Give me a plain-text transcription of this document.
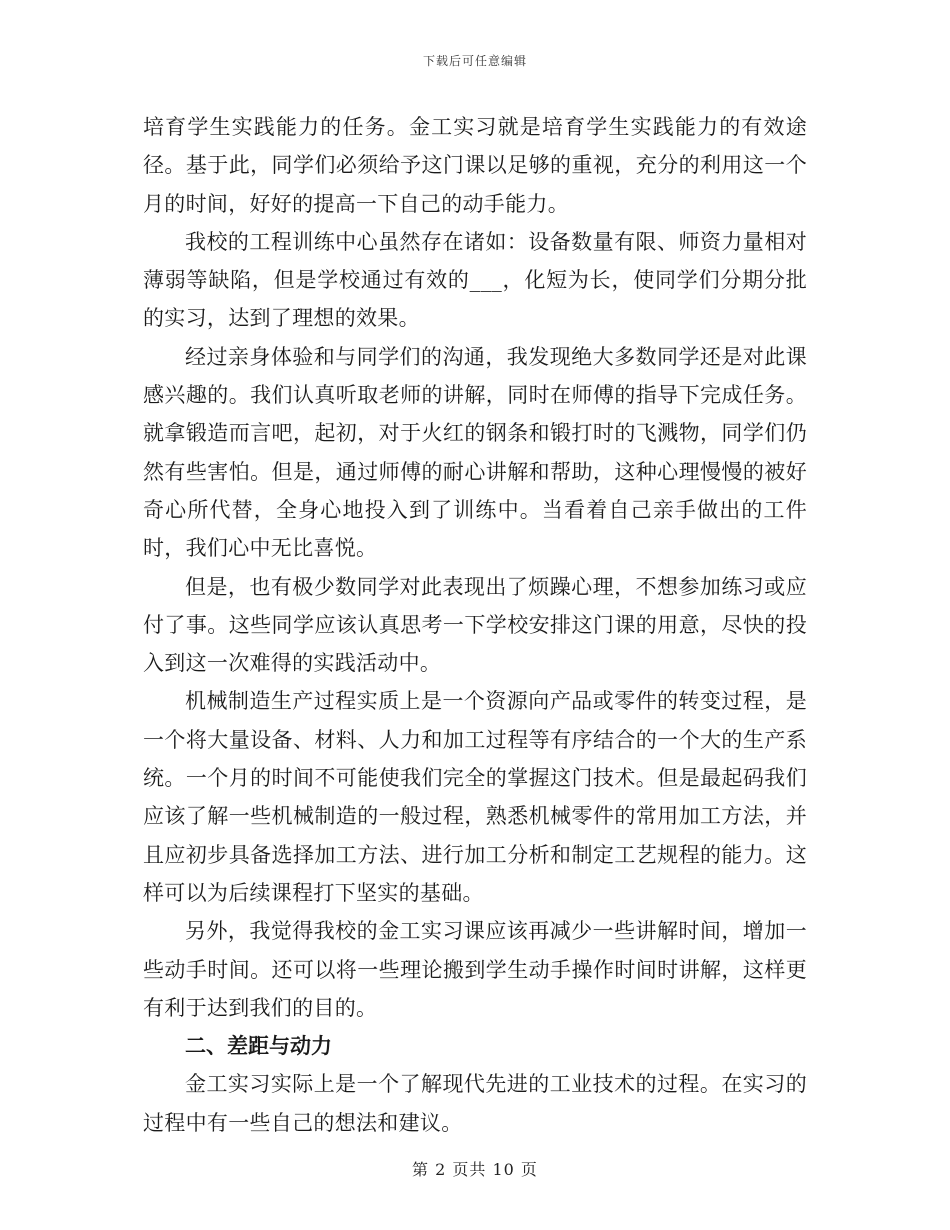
下载后可任意编辑

培育学生实践能力的任务。金工实习就是培育学生实践能力的有效途径。基于此，同学们必须给予这门课以足够的重视，充分的利用这一个月的时间，好好的提高一下自己的动手能力。

我校的工程训练中心虽然存在诸如：设备数量有限、师资力量相对薄弱等缺陷，但是学校通过有效的___，化短为长，使同学们分期分批的实习，达到了理想的效果。

经过亲身体验和与同学们的沟通，我发现绝大多数同学还是对此课感兴趣的。我们认真听取老师的讲解，同时在师傅的指导下完成任务。就拿锻造而言吧，起初，对于火红的钢条和锻打时的飞溅物，同学们仍然有些害怕。但是，通过师傅的耐心讲解和帮助，这种心理慢慢的被好奇心所代替，全身心地投入到了训练中。当看着自己亲手做出的工件时，我们心中无比喜悦。

但是，也有极少数同学对此表现出了烦躁心理，不想参加练习或应付了事。这些同学应该认真思考一下学校安排这门课的用意，尽快的投入到这一次难得的实践活动中。

机械制造生产过程实质上是一个资源向产品或零件的转变过程，是一个将大量设备、材料、人力和加工过程等有序结合的一个大的生产系统。一个月的时间不可能使我们完全的掌握这门技术。但是最起码我们应该了解一些机械制造的一般过程，熟悉机械零件的常用加工方法，并且应初步具备选择加工方法、进行加工分析和制定工艺规程的能力。这样可以为后续课程打下坚实的基础。

另外，我觉得我校的金工实习课应该再减少一些讲解时间，增加一些动手时间。还可以将一些理论搬到学生动手操作时间时讲解，这样更有利于达到我们的目的。

二、差距与动力

金工实习实际上是一个了解现代先进的工业技术的过程。在实习的过程中有一些自己的想法和建议。

第 2 页共 10 页
